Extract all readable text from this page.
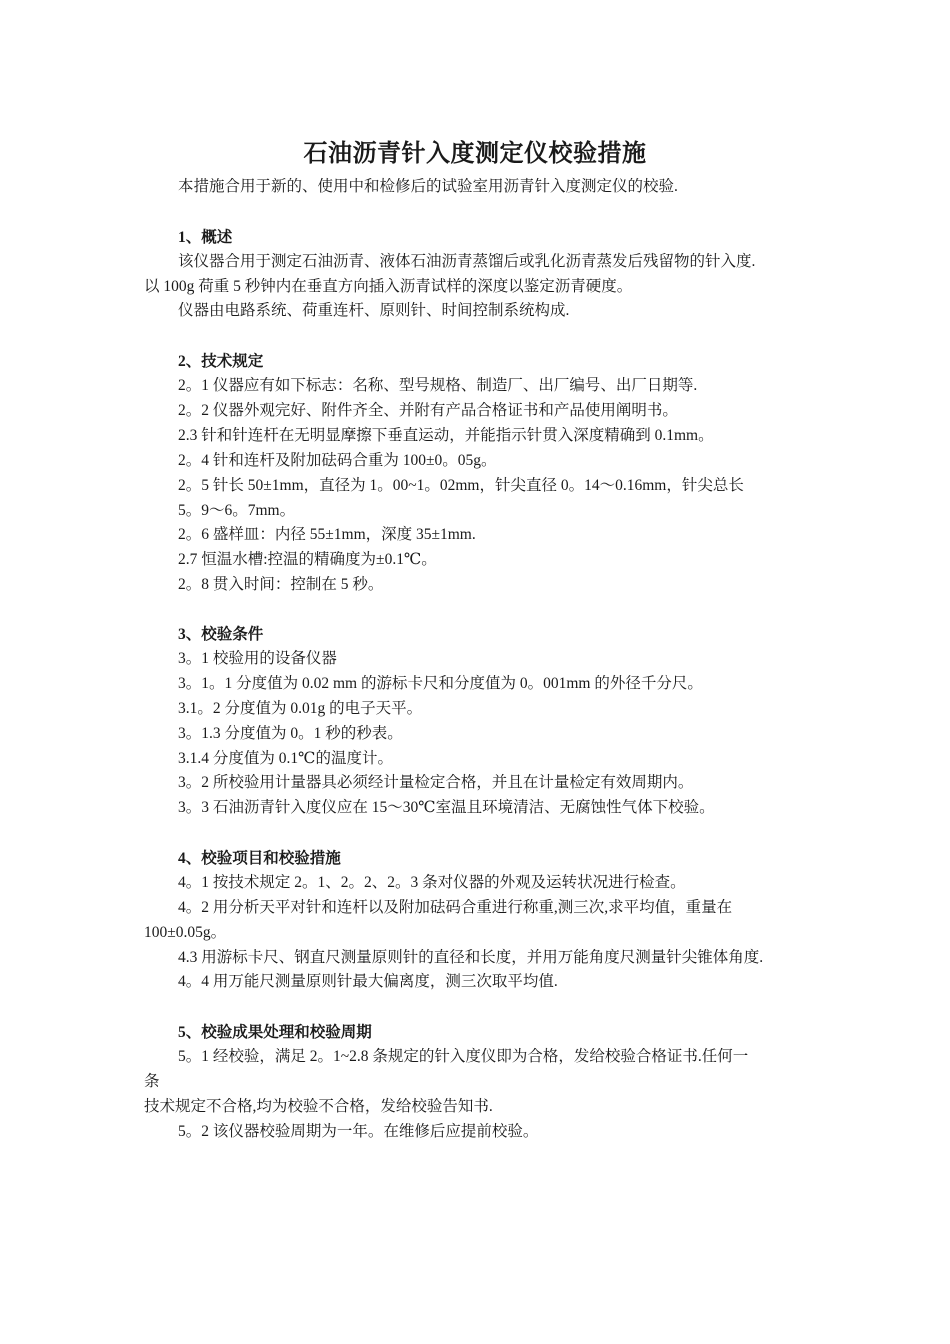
石油沥青针入度测定仪校验措施
本措施合用于新的、使用中和检修后的试验室用沥青针入度测定仪的校验.
1、概述
该仪器合用于测定石油沥青、液体石油沥青蒸馏后或乳化沥青蒸发后残留物的针入度.
以 100g 荷重 5 秒钟内在垂直方向插入沥青试样的深度以鉴定沥青硬度。
仪器由电路系统、荷重连杆、原则针、时间控制系统构成.
2、技术规定
2。1 仪器应有如下标志：名称、型号规格、制造厂、出厂编号、出厂日期等.
2。2 仪器外观完好、附件齐全、并附有产品合格证书和产品使用阐明书。
2.3 针和针连杆在无明显摩擦下垂直运动，并能指示针贯入深度精确到 0.1mm。
2。4 针和连杆及附加砝码合重为 100±0。05g。
2。5 针长 50±1mm，直径为 1。00~1。02mm，针尖直径 0。14～0.16mm，针尖总长
5。9～6。7mm。
2。6 盛样皿：内径 55±1mm，深度 35±1mm.
2.7 恒温水槽:控温的精确度为±0.1℃。
2。8 贯入时间：控制在 5 秒。
3、校验条件
3。1 校验用的设备仪器
3。1。1 分度值为 0.02 mm 的游标卡尺和分度值为 0。001mm 的外径千分尺。
3.1。2 分度值为 0.01g 的电子天平。
3。1.3 分度值为 0。1 秒的秒表。
3.1.4 分度值为 0.1℃的温度计。
3。2 所校验用计量器具必须经计量检定合格，并且在计量检定有效周期内。
3。3 石油沥青针入度仪应在 15～30℃室温且环境清洁、无腐蚀性气体下校验。
4、校验项目和校验措施
4。1 按技术规定 2。1、2。2、2。3 条对仪器的外观及运转状况进行检查。
4。2 用分析天平对针和连杆以及附加砝码合重进行称重,测三次,求平均值，重量在
100±0.05g。
4.3 用游标卡尺、钢直尺测量原则针的直径和长度，并用万能角度尺测量针尖锥体角度.
4。4 用万能尺测量原则针最大偏离度，测三次取平均值.
5、校验成果处理和校验周期
5。1 经校验，满足 2。1~2.8 条规定的针入度仪即为合格，发给校验合格证书.任何一
条
技术规定不合格,均为校验不合格，发给校验告知书.
5。2 该仪器校验周期为一年。在维修后应提前校验。
